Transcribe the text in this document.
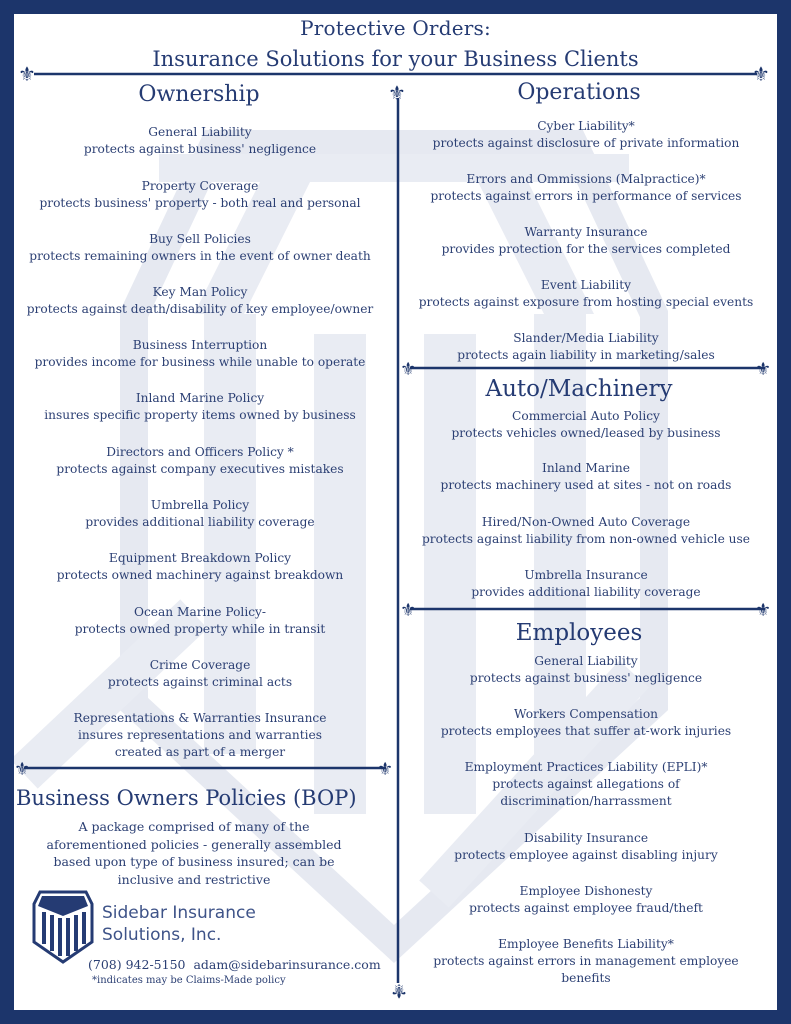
Protective Orders:
Insurance Solutions for your Business Clients
⚜	⚜
⚜
⚜
⚜	⚜
⚜	⚜
⚜	⚜
Ownership
General Liability
protects against business' negligence
Property Coverage
protects business' property - both real and personal
Buy Sell Policies
protects remaining owners in the event of owner death
Key Man Policy
protects against death/disability of key employee/owner
Business Interruption
provides income for business while unable to operate
Inland Marine Policy
insures specific property items owned by business
Directors and Officers Policy *
protects against company executives mistakes
Umbrella Policy
provides additional liability coverage
Equipment Breakdown Policy
protects owned machinery against breakdown
Ocean Marine Policy-
protects owned property while in transit
Crime Coverage
protects against criminal acts
Representations & Warranties Insurance
insures representations and warranties
created as part of a merger
Operations
Cyber Liability*
protects against disclosure of private information
Errors and Ommissions (Malpractice)*
protects against errors in performance of services
Warranty Insurance
provides protection for the services completed
Event Liability
protects against exposure from hosting special events
Slander/Media Liability
protects again liability in marketing/sales
Auto/Machinery
Commercial Auto Policy
protects vehicles owned/leased by business
Inland Marine
protects machinery used at sites - not on roads
Hired/Non-Owned Auto Coverage
protects against liability from non-owned vehicle use
Umbrella Insurance
provides additional liability coverage
Employees
General Liability
protects against business' negligence
Workers Compensation
protects employees that suffer at-work injuries
Employment Practices Liability (EPLI)*
protects against allegations of
discrimination/harrassment
Disability Insurance
protects employee against disabling injury
Employee Dishonesty
protects against employee fraud/theft
Employee Benefits Liability*
protects against errors in management employee
benefits
Business Owners Policies (BOP)
A package comprised of many of the
aforementioned policies - generally assembled
based upon type of business insured; can be
inclusive and restrictive
Sidebar Insurance
Solutions, Inc.
(708) 942-5150 adam@sidebarinsurance.com
*indicates may be Claims-Made policy
